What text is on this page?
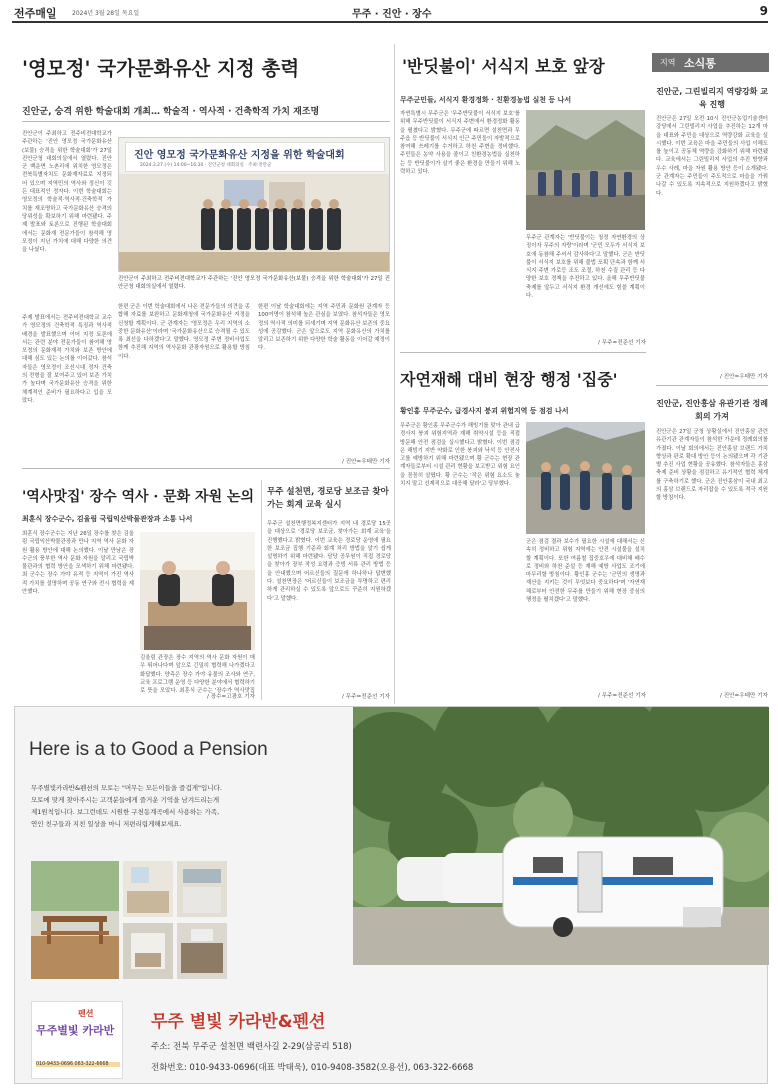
전주매일	2024년 3월 28일 목요일	무주 · 진안 · 장수	9
'영모정' 국가문화유산 지정 총력
진안군, 숭격 위한 학술대회 개최… 학술적 · 역사적 · 건축학적 가치 재조명
진안 영모정 국가문화유산 지정을 위한 학술대회
2024.3.27.(수) 14:00~16:30 · 진안군청 대회의실 · 주최:진안군
진안군이 주최하고 전주비전대학교가 주관하는 '진안 영모정 국가문화유산(보물) 승격을 위한 학술대회'가 27일 진안군청 대회의실에서 열렸다.
진안군이 주최하고 전주비전대학교가 주관하는 '진안 영모정 국가문화유산(보물) 승격을 위한 학술대회'가 27일 진안군청 대회의실에서 열렸다. 진안군 백운면 노촌리에 위치한 영모정은 전북특별자치도 문화재자료로 지정되어 있으며 지역민의 역사와 정신이 깃든 대표적인 정자다. 이번 학술대회는 영모정의 학술적·역사적·건축학적 가치를 재조명하고 국가문화유산 승격의 당위성을 확보하기 위해 마련됐다. 주제 발표와 토론으로 진행된 학술대회에서는 문화재 전문가들이 참석해 영모정이 지닌 가치에 대해 다양한 의견을 나눴다.
주제 발표에서는 전주비전대학교 교수가 영모정의 건축학적 특징과 역사적 배경을 발표했으며 이어 지정 토론에서는 관련 분야 전문가들이 참여해 영모정의 문화재적 가치와 보존 방안에 대해 심도 있는 논의를 이어갔다. 참석자들은 영모정이 조선시대 정자 건축의 전형을 잘 보여주고 있어 보존 가치가 높다며 국가문화유산 승격을 위한 체계적인 준비가 필요하다고 입을 모았다.
한편 군은 이번 학술대회에서 나온 전문가들의 의견을 종합해 자료를 보완하고 문화재청에 국가문화유산 지정을 신청할 계획이다. 군 관계자는 '영모정은 우리 지역의 소중한 문화유산'이라며 '국가문화유산으로 승격될 수 있도록 최선을 다하겠다'고 말했다. 영모정 주변 정비사업도 함께 추진해 지역의 역사문화 관광자원으로 활용할 방침이다.
한편 이날 학술대회에는 지역 주민과 문화원 관계자 등 100여명이 참석해 높은 관심을 보였다. 참석자들은 영모정의 역사적 의미를 되새기며 지역 문화유산 보존의 중요성에 공감했다. 군은 앞으로도 지역 문화유산의 가치를 알리고 보존하기 위한 다양한 학술 활동을 이어갈 예정이다.
/ 진안=우태만 기자
'반딧불이' 서식지 보호 앞장
무주군민들, 서식지 환경정화 · 친환경농법 실천 등 나서
자연특별시 무주군은 '무주반딧불이 서식지 보호'를 위해 무주반딧불이 서식지 주변에서 환경정화 활동을 펼쳤다고 밝혔다. 무주군에 따르면 설천면과 무주읍 등 반딧불이 서식지 인근 주민들이 자발적으로 참여해 쓰레기를 수거하고 하천 주변을 정비했다. 주민들은 농약 사용을 줄이고 친환경농법을 실천하는 등 반딧불이가 살기 좋은 환경을 만들기 위해 노력하고 있다.
무주군 관계자는 '반딧불이는 청정 자연환경의 상징이자 무주의 자랑'이라며 '군민 모두가 서식지 보호에 동참해 주셔서 감사하다'고 말했다. 군은 반딧불이 서식지 보호를 위해 불법 포획 단속과 함께 서식지 주변 가로등 조도 조절, 하천 수질 관리 등 다양한 보호 정책을 추진하고 있다. 올해 무주반딧불축제를 앞두고 서식지 환경 개선에도 힘쓸 계획이다.
/ 무주=전준선 기자
자연재해 대비 현장 행정 '집중'
황인홍 무주군수, 급경사지 붕괴 위험지역 등 점검 나서
무주군은 황인홍 무주군수가 해빙기를 맞아 관내 급경사지 붕괴 위험지역과 재해 취약시설 등을 직접 방문해 안전 점검을 실시했다고 밝혔다. 이번 점검은 해빙기 지반 약화로 인한 붕괴와 낙석 등 안전사고를 예방하기 위해 마련됐으며 황 군수는 현장 관계자들로부터 시설 관리 현황을 보고받고 위험 요인을 꼼꼼히 살폈다. 황 군수는 '작은 위험 요소도 놓치지 말고 선제적으로 대응해 달라'고 당부했다.
군은 점검 결과 보수가 필요한 시설에 대해서는 신속히 정비하고 위험 지역에는 안전 시설물을 설치할 계획이다. 또한 여름철 집중호우에 대비해 배수로 정비와 하천 준설 등 재해 예방 사업도 조기에 마무리할 방침이다. 황인홍 군수는 '군민의 생명과 재산을 지키는 것이 무엇보다 중요하다'며 '자연재해로부터 안전한 무주를 만들기 위해 현장 중심의 행정을 펼치겠다'고 말했다.
/ 무주=전준선 기자
'역사맛집' 장수 역사 · 문화 자원 논의
최훈식 장수군수, 김울림 국립익산박물관장과 소통 나서
최훈식 장수군수는 지난 26일 장수를 찾은 김울림 국립익산박물관장과 만나 지역 역사 문화 자원 활용 방안에 대해 논의했다. 이날 만남은 장수군의 풍부한 역사 문화 자원을 알리고 국립박물관과의 협력 방안을 모색하기 위해 마련됐다. 최 군수는 장수 가야 유적 등 지역이 가진 역사적 가치를 설명하며 공동 연구와 전시 협력을 제안했다.
김울림 관장은 장수 지역의 역사 문화 자원이 매우 뛰어나다며 앞으로 긴밀히 협력해 나가겠다고 화답했다. 양측은 장수 가야 유물의 조사와 연구, 교육 프로그램 운영 등 다양한 분야에서 협력하기로 뜻을 모았다. 최훈식 군수는 '장수가 역사맛집
/ 장수=고광호 기자
무주 설천면, 경로당 보조금 찾아가는 회계 교육 실시
무주군 설천면행정복지센터가 지역 내 경로당 15곳을 대상으로 '경로당 보조금, 찾아가는 회계 교육'을 진행했다고 밝혔다. 이번 교육은 경로당 운영에 필요한 보조금 집행 기준과 회계 처리 방법을 알기 쉽게 설명하기 위해 마련됐다. 담당 공무원이 직접 경로당을 찾아가 장부 작성 요령과 증빙 서류 관리 방법 등을 안내했으며 어르신들의 질문에 하나하나 답변했다. 설천면장은 '어르신들이 보조금을 투명하고 편리하게 관리하실 수 있도록 앞으로도 꾸준히 지원하겠다'고 말했다.
/ 무주=전준선 기자
지역 소식통
진안군, 그린빌리지 역량강화 교육 진행
진안군은 27일 오전 10시 진안군농업기술센터 강당에서 그린빌리지 사업을 추진하는 12개 마을 대표와 주민을 대상으로 역량강화 교육을 실시했다. 이번 교육은 마을 주민들의 사업 이해도를 높이고 공동체 역량을 강화하기 위해 마련됐다. 교육에서는 그린빌리지 사업의 추진 방향과 우수 사례, 마을 자원 활용 방안 등이 소개됐다. 군 관계자는 주민들이 주도적으로 마을을 가꿔 나갈 수 있도록 지속적으로 지원하겠다고 밝혔다.
/ 진안=우태만 기자
진안군, 진안흥삼 유관기관 정례회의 가져
진안군은 27일 군청 상황실에서 진안홍삼 관련 유관기관 관계자들이 참석한 가운데 정례회의를 가졌다. 이날 회의에서는 진안홍삼 브랜드 가치 향상과 판로 확대 방안 등이 논의됐으며 각 기관별 추진 사업 현황을 공유했다. 참석자들은 홍삼축제 준비 상황을 점검하고 유기적인 협력 체계를 구축하기로 했다. 군은 진안홍삼이 국내 최고의 홍삼 브랜드로 자리잡을 수 있도록 적극 지원할 방침이다.
/ 진안=우태만 기자
Here is a to Good a Pension
무주별빛카라반&펜션의 모토는 "머무는 모든이들을 즐겁게"입니다.
모토에 맞게 찾아주시는 고객분들에게 즐거운 기억을 남겨드리는게
제1원칙입니다. 보그런데도 시원한 구천동계곡에서 사용하는 가족,
연인 친구들과 지친 일상을 마니 저편리립게해보세요.
펜션
무주별빛 카라반
010-9433-0696 063-322-6668
무주 별빛 카라반&펜션
주소: 전북 무주군 설천면 백련사길 2-29(삼공리 518)
전화번호: 010-9433-0696(대표 박태욱), 010-9408-3582(오용선), 063-322-6668
